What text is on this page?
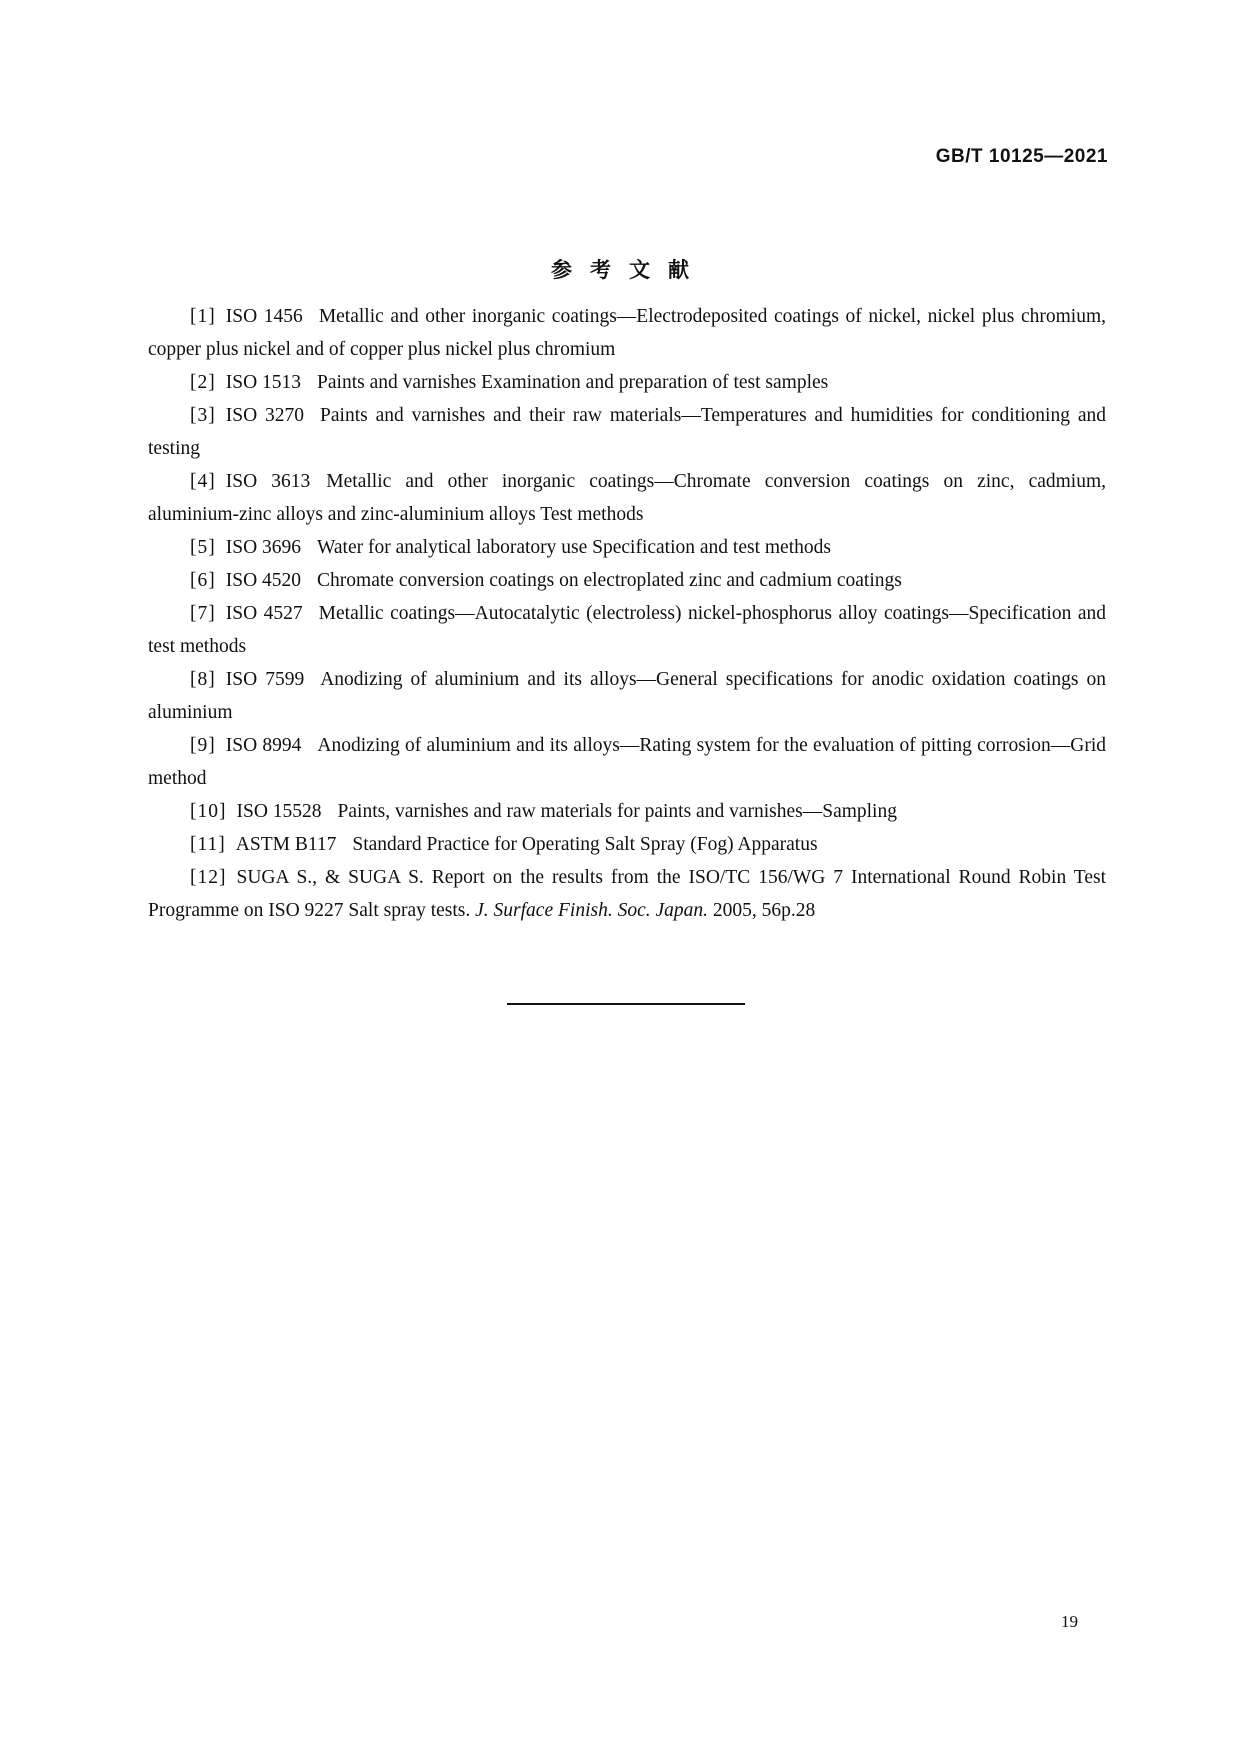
GB/T 10125—2021
参考文献

[1] ISO 1456 Metallic and other inorganic coatings—Electrodeposited coatings of nickel, nickel plus chromium, copper plus nickel and of copper plus nickel plus chromium

[2] ISO 1513 Paints and varnishes Examination and preparation of test samples

[3] ISO 3270 Paints and varnishes and their raw materials—Temperatures and humidities for conditioning and testing

[4] ISO 3613 Metallic and other inorganic coatings—Chromate conversion coatings on zinc, cadmium, aluminium-zinc alloys and zinc-aluminium alloys Test methods

[5] ISO 3696 Water for analytical laboratory use Specification and test methods

[6] ISO 4520 Chromate conversion coatings on electroplated zinc and cadmium coatings

[7] ISO 4527 Metallic coatings—Autocatalytic (electroless) nickel-phosphorus alloy coatings—Specification and test methods

[8] ISO 7599 Anodizing of aluminium and its alloys—General specifications for anodic oxidation coatings on aluminium

[9] ISO 8994 Anodizing of aluminium and its alloys—Rating system for the evaluation of pitting corrosion—Grid method

[10] ISO 15528 Paints, varnishes and raw materials for paints and varnishes—Sampling

[11] ASTM B117 Standard Practice for Operating Salt Spray (Fog) Apparatus

[12] SUGA S., & SUGA S. Report on the results from the ISO/TC 156/WG 7 International Round Robin Test Programme on ISO 9227 Salt spray tests. J. Surface Finish. Soc. Japan. 2005, 56p.28

19
